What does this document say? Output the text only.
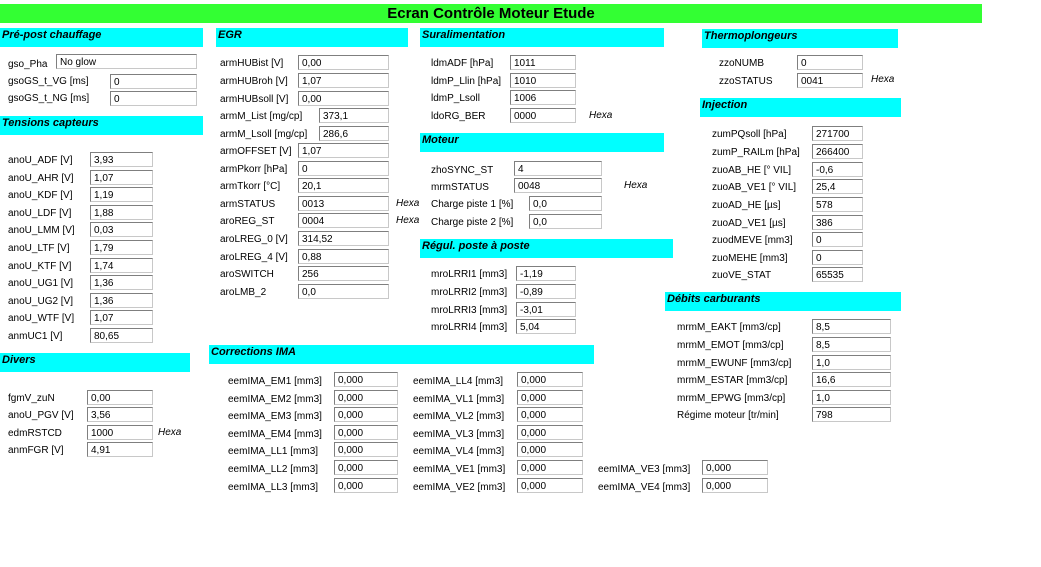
Ecran Contrôle Moteur Etude
Pré-post chauffage
Tensions capteurs
Divers
EGR
Corrections IMA
Suralimentation
Moteur
Régul. poste à poste
Thermoplongeurs
Injection
Débits carburants
gso_Pha	No glow
gsoGS_t_VG [ms]	0
gsoGS_t_NG [ms]	0
anoU_ADF [V]	3,93
anoU_AHR [V]	1,07
anoU_KDF [V]	1,19
anoU_LDF [V]	1,88
anoU_LMM [V]	0,03
anoU_LTF [V]	1,79
anoU_KTF [V]	1,74
anoU_UG1 [V]	1,36
anoU_UG2 [V]	1,36
anoU_WTF [V]	1,07
anmUC1 [V]	80,65
fgmV_zuN	0,00
anoU_PGV [V]	3,56
edmRSTCD	1000	Hexa
anmFGR [V]	4,91
armHUBist [V]	0,00
armHUBroh [V]	1,07
armHUBsoll [V]	0,00
armM_List [mg/cp]	373,1
armM_Lsoll [mg/cp]	286,6
armOFFSET [V]	1,07
armPkorr [hPa]	0
armTkorr [°C]	20,1
armSTATUS	0013	Hexa
aroREG_ST	0004	Hexa
aroLREG_0 [V]	314,52
aroLREG_4 [V]	0,88
aroSWITCH	256
aroLMB_2	0,0
eemIMA_EM1 [mm3]	0,000
eemIMA_EM2 [mm3]	0,000
eemIMA_EM3 [mm3]	0,000
eemIMA_EM4 [mm3]	0,000
eemIMA_LL1 [mm3]	0,000
eemIMA_LL2 [mm3]	0,000
eemIMA_LL3 [mm3]	0,000
eemIMA_LL4 [mm3]	0,000
eemIMA_VL1 [mm3]	0,000
eemIMA_VL2 [mm3]	0,000
eemIMA_VL3 [mm3]	0,000
eemIMA_VL4 [mm3]	0,000
eemIMA_VE1 [mm3]	0,000
eemIMA_VE2 [mm3]	0,000
eemIMA_VE3 [mm3]	0,000
eemIMA_VE4 [mm3]	0,000
ldmADF [hPa]	1011
ldmP_Llin [hPa]	1010
ldmP_Lsoll	1006
ldoRG_BER	0000	Hexa
zhoSYNC_ST	4
mrmSTATUS	0048	Hexa
Charge piste 1 [%]	0,0
Charge piste 2 [%]	0,0
mroLRRI1 [mm3]	-1,19
mroLRRI2 [mm3]	-0,89
mroLRRI3 [mm3]	-3,01
mroLRRI4 [mm3]	5,04
zzoNUMB	0
zzoSTATUS	0041	Hexa
zumPQsoll [hPa]	271700
zumP_RAILm [hPa]	266400
zuoAB_HE [° VIL]	-0,6
zuoAB_VE1 [° VIL]	25,4
zuoAD_HE [µs]	578
zuoAD_VE1 [µs]	386
zuodMEVE [mm3]	0
zuoMEHE [mm3]	0
zuoVE_STAT	65535
mrmM_EAKT [mm3/cp]	8,5
mrmM_EMOT [mm3/cp]	8,5
mrmM_EWUNF [mm3/cp]	1,0
mrmM_ESTAR [mm3/cp]	16,6
mrmM_EPWG [mm3/cp]	1,0
Régime moteur [tr/min]	798
